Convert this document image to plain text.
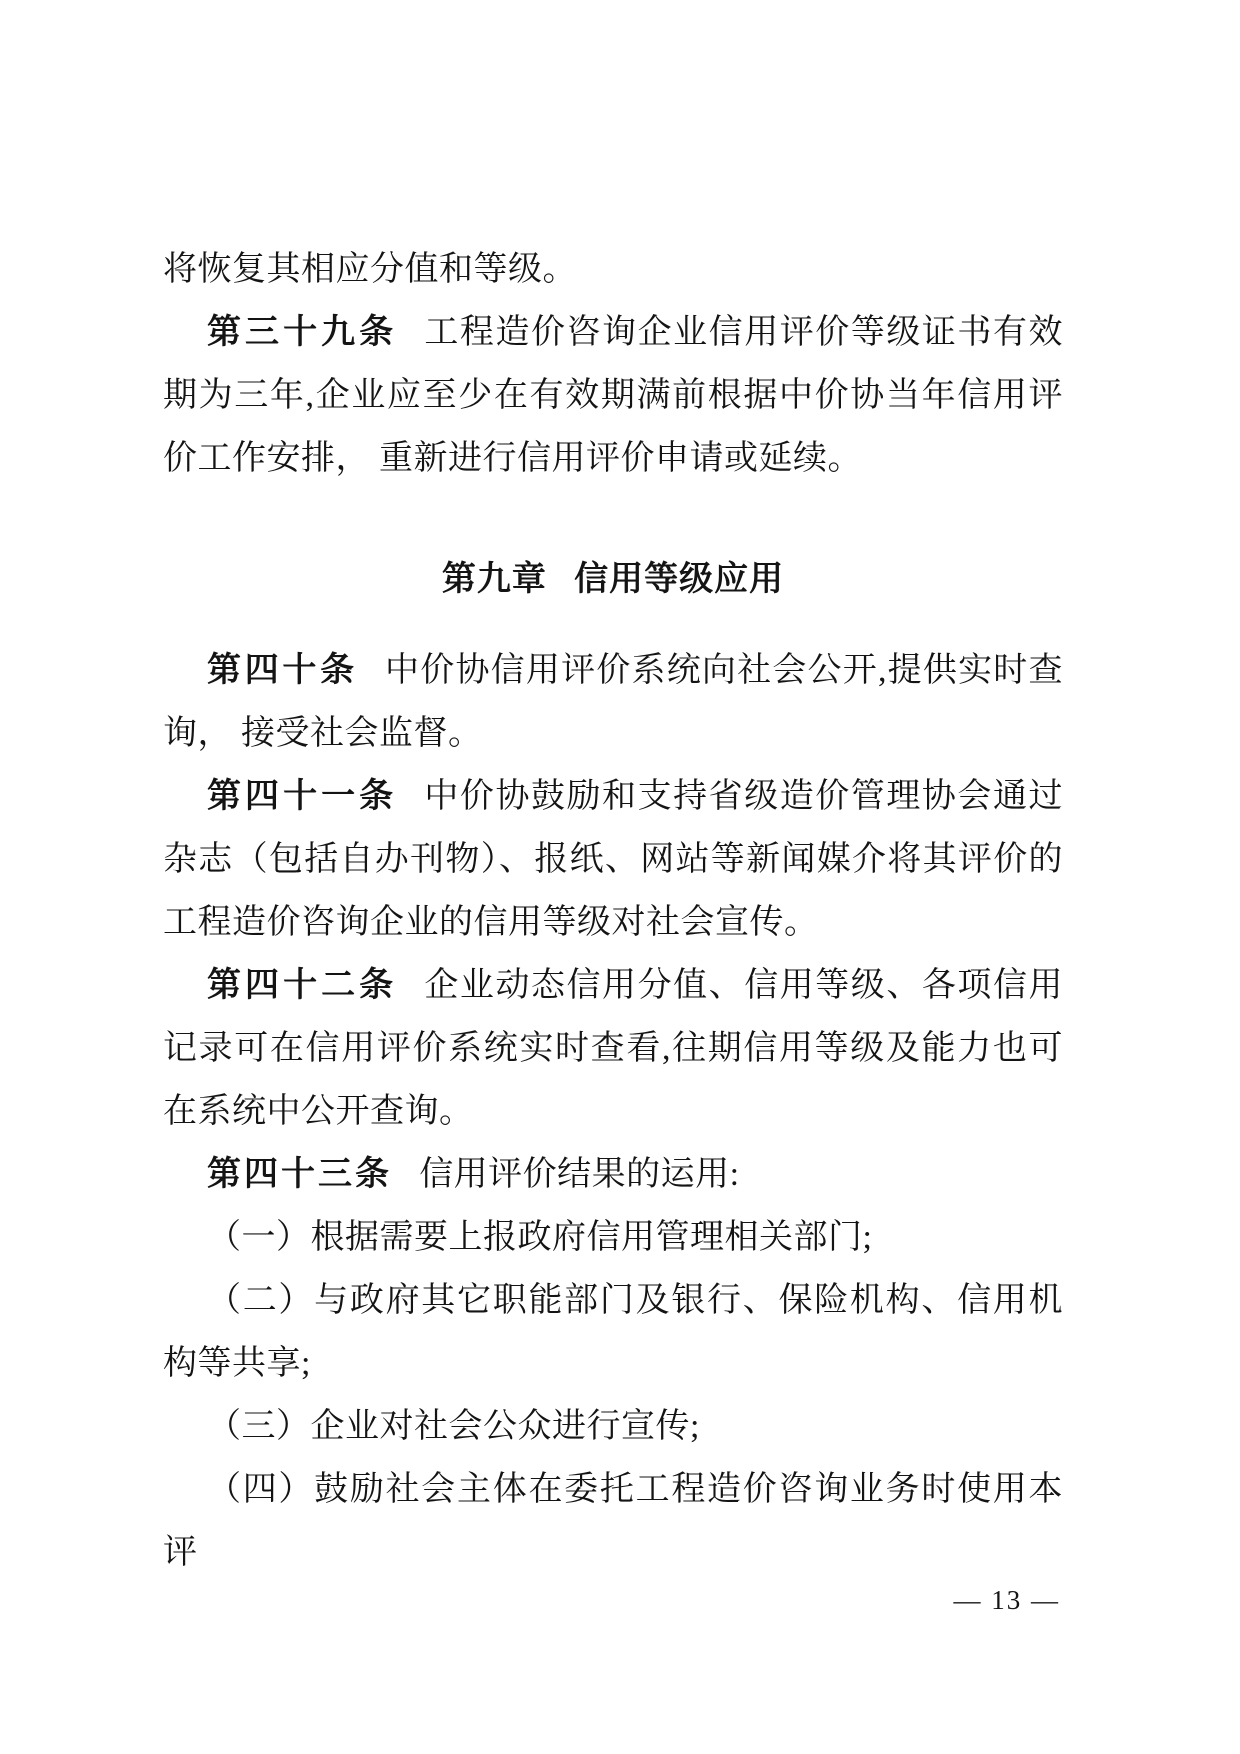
将恢复其相应分值和等级。

第三十九条 工程造价咨询企业信用评价等级证书有效期为三年,企业应至少在有效期满前根据中价协当年信用评价工作安排， 重新进行信用评价申请或延续。

第九章 信用等级应用

第四十条 中价协信用评价系统向社会公开,提供实时查询， 接受社会监督。

第四十一条 中价协鼓励和支持省级造价管理协会通过杂志（包括自办刊物）、报纸、网站等新闻媒介将其评价的工程造价咨询企业的信用等级对社会宣传。

第四十二条 企业动态信用分值、信用等级、各项信用记录可在信用评价系统实时查看,往期信用等级及能力也可在系统中公开查询。

第四十三条 信用评价结果的运用:

（一）根据需要上报政府信用管理相关部门;

（二）与政府其它职能部门及银行、保险机构、信用机构等共享;

（三）企业对社会公众进行宣传;

（四）鼓励社会主体在委托工程造价咨询业务时使用本评

— 13 —
